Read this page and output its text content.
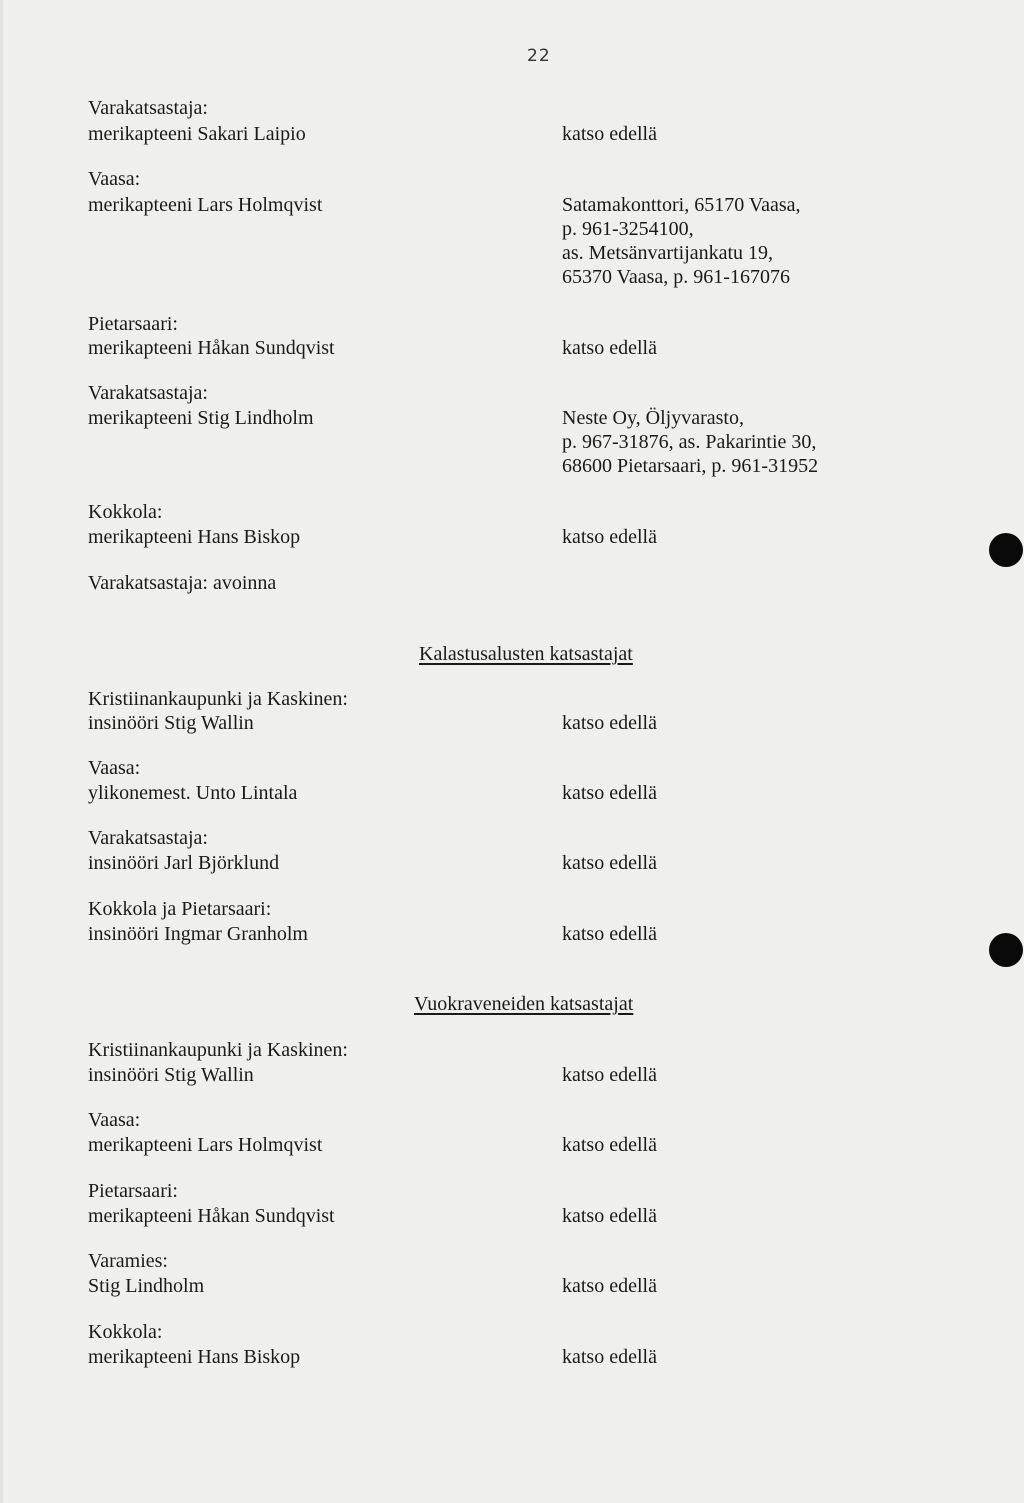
22
Varakatsastaja:
merikapteeni Sakari Laipio	katso edellä
Vaasa:
merikapteeni Lars Holmqvist	Satamakonttori, 65170 Vaasa,
p. 961-3254100,
as. Metsänvartijankatu 19,
65370 Vaasa, p. 961-167076
Pietarsaari:
merikapteeni Håkan Sundqvist	katso edellä
Varakatsastaja:
merikapteeni Stig Lindholm	Neste Oy, Öljyvarasto,
p. 967-31876, as. Pakarintie 30,
68600 Pietarsaari, p. 961-31952
Kokkola:
merikapteeni Hans Biskop	katso edellä
Varakatsastaja: avoinna
Kalastusalusten katsastajat
Kristiinankaupunki ja Kaskinen:
insinööri Stig Wallin	katso edellä
Vaasa:
ylikonemest. Unto Lintala	katso edellä
Varakatsastaja:
insinööri Jarl Björklund	katso edellä
Kokkola ja Pietarsaari:
insinööri Ingmar Granholm	katso edellä
Vuokraveneiden katsastajat
Kristiinankaupunki ja Kaskinen:
insinööri Stig Wallin	katso edellä
Vaasa:
merikapteeni Lars Holmqvist	katso edellä
Pietarsaari:
merikapteeni Håkan Sundqvist	katso edellä
Varamies:
Stig Lindholm	katso edellä
Kokkola:
merikapteeni Hans Biskop	katso edellä
